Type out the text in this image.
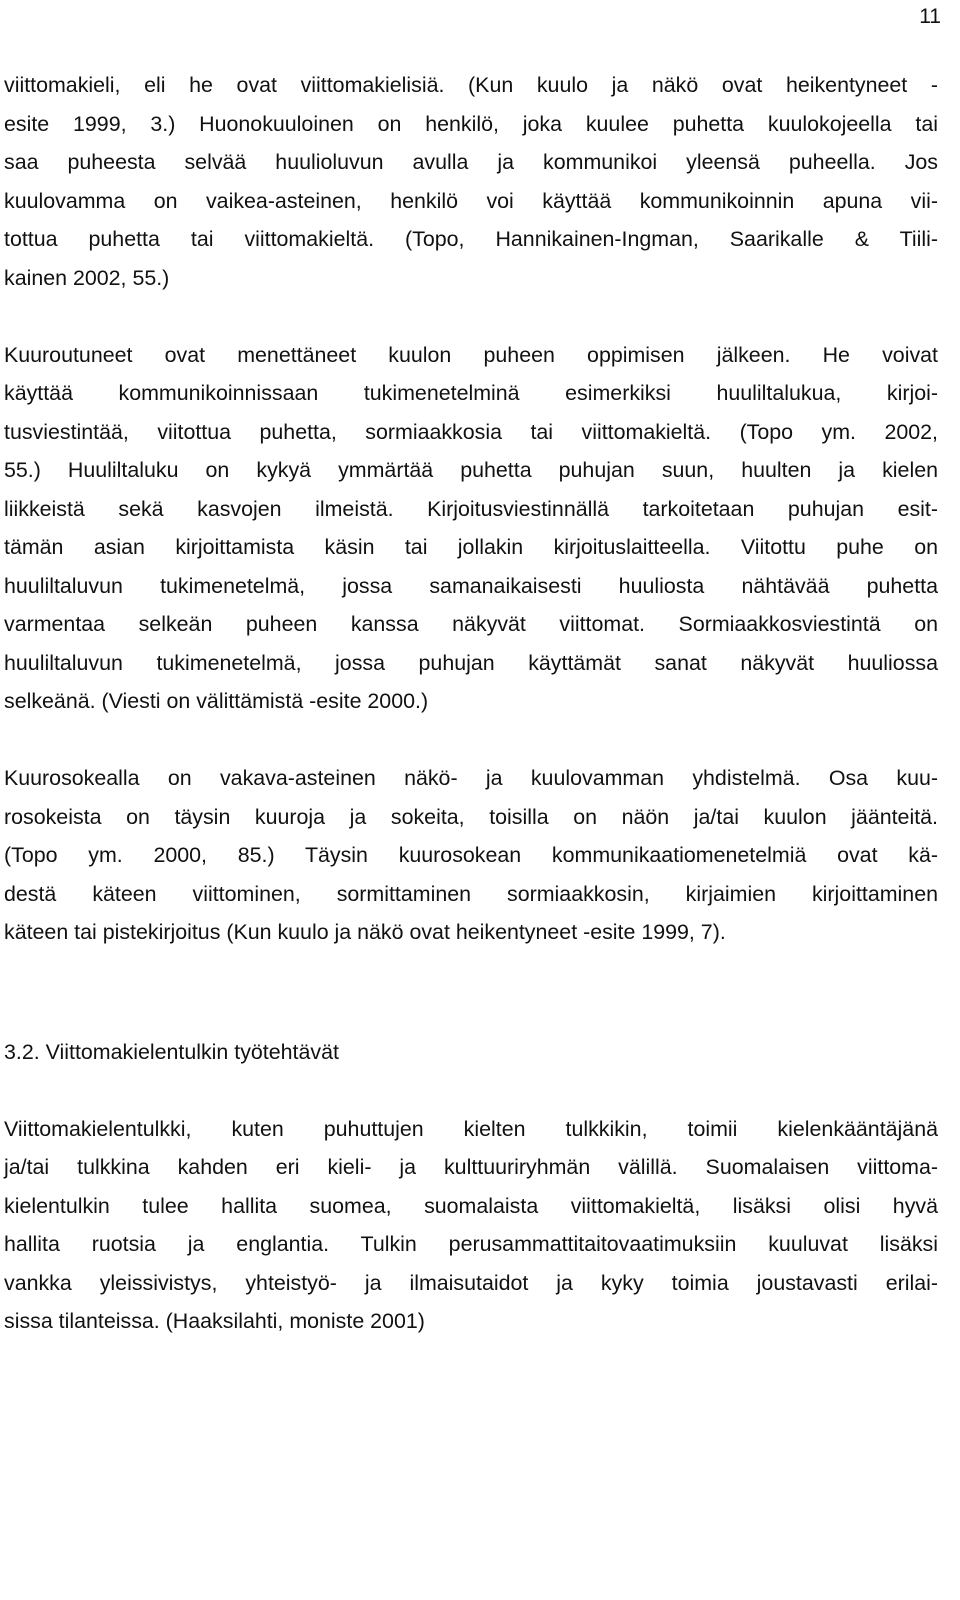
11
viittomakieli, eli he ovat viittomakielisiä. (Kun kuulo ja näkö ovat heikentyneet -
esite 1999, 3.) Huonokuuloinen on henkilö, joka kuulee puhetta kuulokojeella tai
saa puheesta selvää huulioluvun avulla ja kommunikoi yleensä puheella. Jos
kuulovamma on vaikea-asteinen, henkilö voi käyttää kommunikoinnin apuna vii-
tottua puhetta tai viittomakieltä. (Topo, Hannikainen-Ingman, Saarikalle & Tiili-
kainen 2002, 55.)
Kuuroutuneet ovat menettäneet kuulon puheen oppimisen jälkeen. He voivat
käyttää kommunikoinnissaan tukimenetelminä esimerkiksi huuliltalukua, kirjoi-
tusviestintää, viitottua puhetta, sormiaakkosia tai viittomakieltä. (Topo ym. 2002,
55.) Huuliltaluku on kykyä ymmärtää puhetta puhujan suun, huulten ja kielen
liikkeistä sekä kasvojen ilmeistä. Kirjoitusviestinnällä tarkoitetaan puhujan esit-
tämän asian kirjoittamista käsin tai jollakin kirjoituslaitteella. Viitottu puhe on
huuliltaluvun tukimenetelmä, jossa samanaikaisesti huuliosta nähtävää puhetta
varmentaa selkeän puheen kanssa näkyvät viittomat. Sormiaakkosviestintä on
huuliltaluvun tukimenetelmä, jossa puhujan käyttämät sanat näkyvät huuliossa
selkeänä. (Viesti on välittämistä -esite 2000.)
Kuurosokealla on vakava-asteinen näkö- ja kuulovamman yhdistelmä. Osa kuu-
rosokeista on täysin kuuroja ja sokeita, toisilla on näön ja/tai kuulon jäänteitä.
(Topo ym. 2000, 85.) Täysin kuurosokean kommunikaatiomenetelmiä ovat kä-
destä käteen viittominen, sormittaminen sormiaakkosin, kirjaimien kirjoittaminen
käteen tai pistekirjoitus (Kun kuulo ja näkö ovat heikentyneet -esite 1999, 7).
3.2. Viittomakielentulkin työtehtävät
Viittomakielentulkki, kuten puhuttujen kielten tulkkikin, toimii kielenkääntäjänä
ja/tai tulkkina kahden eri kieli- ja kulttuuriryhmän välillä. Suomalaisen viittoma-
kielentulkin tulee hallita suomea, suomalaista viittomakieltä, lisäksi olisi hyvä
hallita ruotsia ja englantia. Tulkin perusammattitaitovaatimuksiin kuuluvat lisäksi
vankka yleissivistys, yhteistyö- ja ilmaisutaidot ja kyky toimia joustavasti erilai-
sissa tilanteissa. (Haaksilahti, moniste 2001)
